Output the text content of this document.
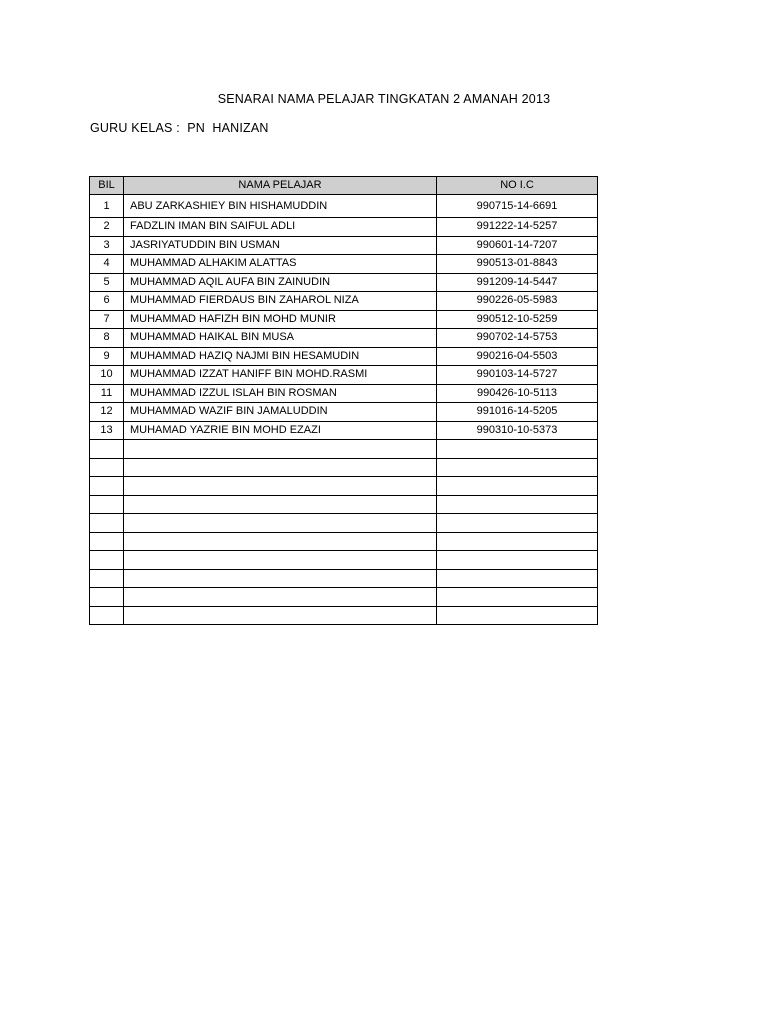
SENARAI NAMA PELAJAR TINGKATAN 2 AMANAH 2013
GURU KELAS :  PN  HANIZAN
BIL	NAMA PELAJAR	NO I.C
1	ABU ZARKASHIEY BIN HISHAMUDDIN	990715-14-6691
2	FADZLIN IMAN BIN SAIFUL ADLI	991222-14-5257
3	JASRIYATUDDIN BIN USMAN	990601-14-7207
4	MUHAMMAD ALHAKIM ALATTAS	990513-01-8843
5	MUHAMMAD AQIL AUFA BIN ZAINUDIN	991209-14-5447
6	MUHAMMAD FIERDAUS BIN ZAHAROL NIZA	990226-05-5983
7	MUHAMMAD HAFIZH BIN MOHD MUNIR	990512-10-5259
8	MUHAMMAD HAIKAL BIN MUSA	990702-14-5753
9	MUHAMMAD HAZIQ NAJMI BIN HESAMUDIN	990216-04-5503
10	MUHAMMAD IZZAT HANIFF BIN MOHD.RASMI	990103-14-5727
11	MUHAMMAD IZZUL ISLAH BIN ROSMAN	990426-10-5113
12	MUHAMMAD WAZIF BIN JAMALUDDIN	991016-14-5205
13	MUHAMAD YAZRIE BIN MOHD EZAZI	990310-10-5373
